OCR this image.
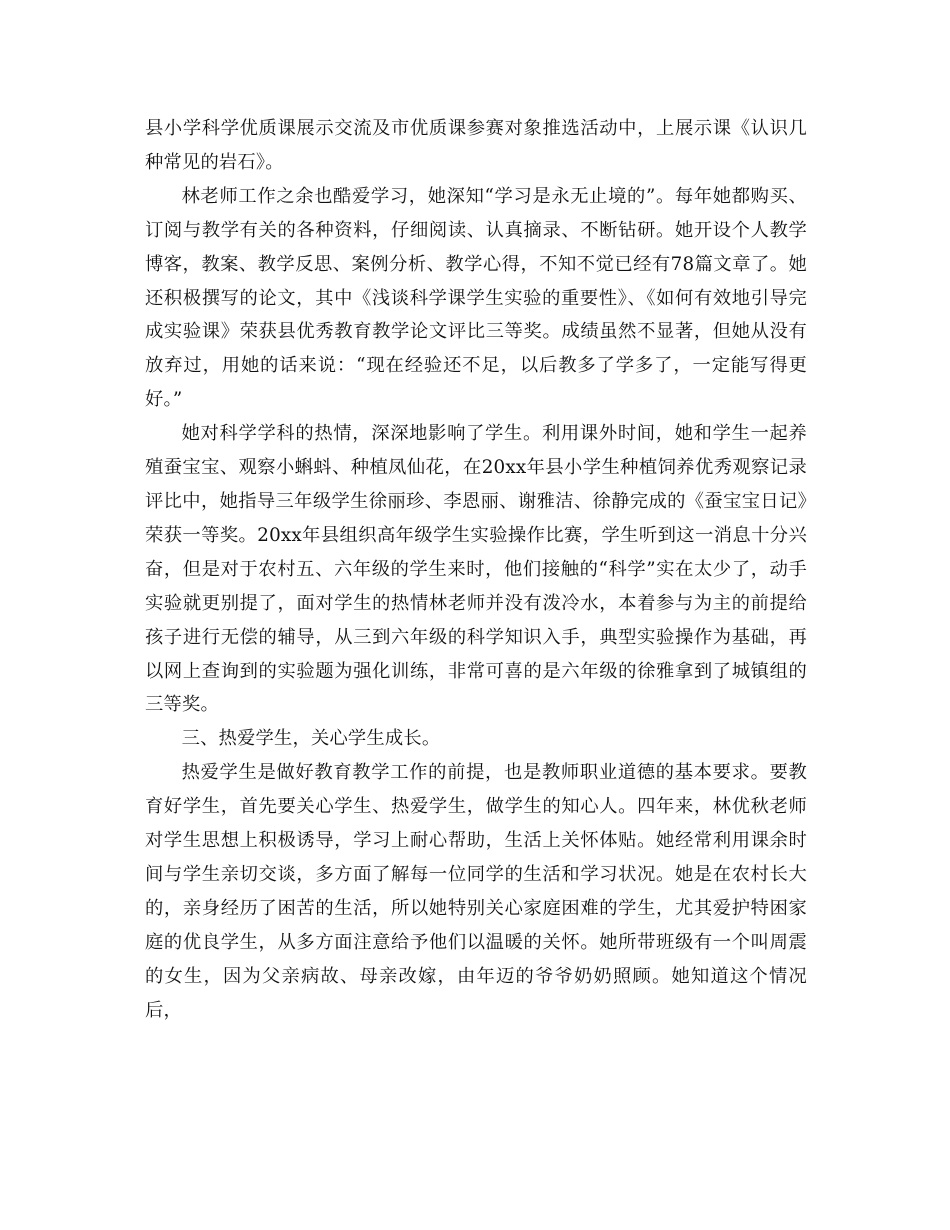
县小学科学优质课展示交流及市优质课参赛对象推选活动中，上展示课《认识几种常见的岩石》。

林老师工作之余也酷爱学习，她深知“学习是永无止境的”。每年她都购买、订阅与教学有关的各种资料，仔细阅读、认真摘录、不断钻研。她开设个人教学博客，教案、教学反思、案例分析、教学心得，不知不觉已经有78篇文章了。她还积极撰写的论文，其中《浅谈科学课学生实验的重要性》、《如何有效地引导完成实验课》荣获县优秀教育教学论文评比三等奖。成绩虽然不显著，但她从没有放弃过，用她的话来说：“现在经验还不足，以后教多了学多了，一定能写得更好。”

她对科学学科的热情，深深地影响了学生。利用课外时间，她和学生一起养殖蚕宝宝、观察小蝌蚪、种植凤仙花，在20xx年县小学生种植饲养优秀观察记录评比中，她指导三年级学生徐丽珍、李恩丽、谢雅洁、徐静完成的《蚕宝宝日记》荣获一等奖。20xx年县组织高年级学生实验操作比赛，学生听到这一消息十分兴奋，但是对于农村五、六年级的学生来时，他们接触的“科学”实在太少了，动手实验就更别提了，面对学生的热情林老师并没有泼冷水，本着参与为主的前提给孩子进行无偿的辅导，从三到六年级的科学知识入手，典型实验操作为基础，再以网上查询到的实验题为强化训练，非常可喜的是六年级的徐雅拿到了城镇组的三等奖。

三、热爱学生，关心学生成长。

热爱学生是做好教育教学工作的前提，也是教师职业道德的基本要求。要教育好学生，首先要关心学生、热爱学生，做学生的知心人。四年来，林优秋老师对学生思想上积极诱导，学习上耐心帮助，生活上关怀体贴。她经常利用课余时间与学生亲切交谈，多方面了解每一位同学的生活和学习状况。她是在农村长大的，亲身经历了困苦的生活，所以她特别关心家庭困难的学生，尤其爱护特困家庭的优良学生，从多方面注意给予他们以温暖的关怀。她所带班级有一个叫周震的女生，因为父亲病故、母亲改嫁，由年迈的爷爷奶奶照顾。她知道这个情况后，
